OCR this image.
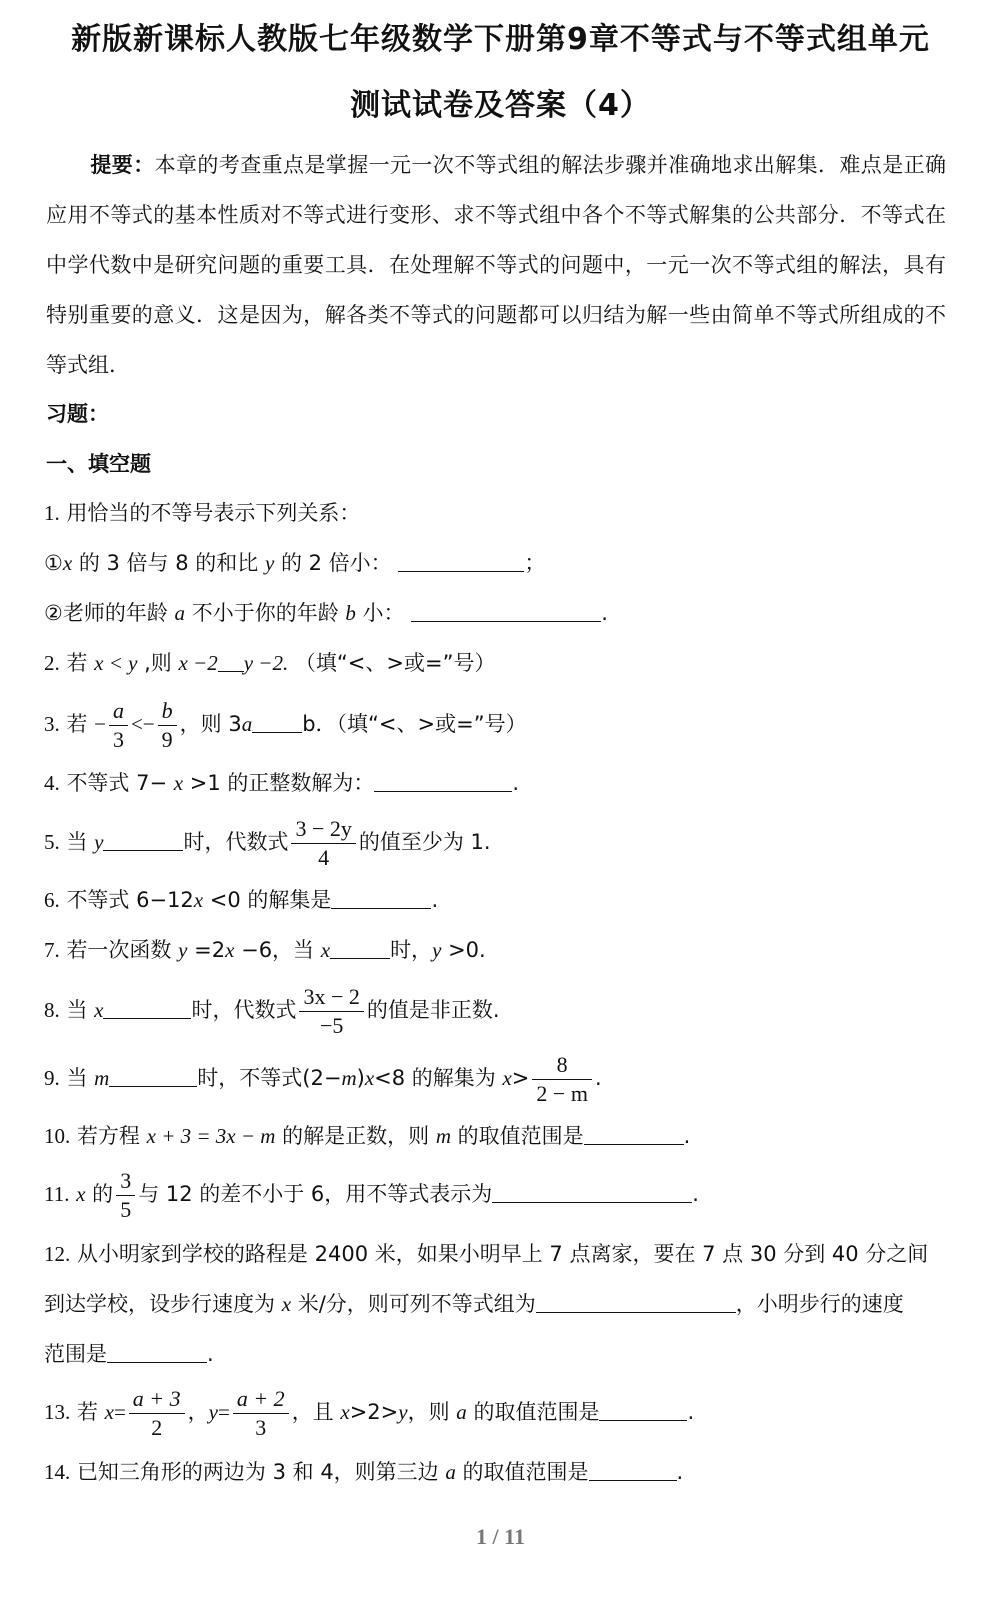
新版新课标人教版七年级数学下册第9章不等式与不等式组单元
测试试卷及答案（4）
提要：本章的考查重点是掌握一元一次不等式组的解法步骤并准确地求出解集．难点是正确应用不等式的基本性质对不等式进行变形、求不等式组中各个不等式解集的公共部分．不等式在中学代数中是研究问题的重要工具．在处理解不等式的问题中，一元一次不等式组的解法，具有特别重要的意义．这是因为，解各类不等式的问题都可以归结为解一些由简单不等式所组成的不等式组．
习题：
一、填空题
1. 用恰当的不等号表示下列关系：
①x 的 3 倍与 8 的和比 y 的 2 倍小：	；
②老师的年龄 a 不小于你的年龄 b 小：	.
2. 若 x < y ,则 x −2 y −2. （填“<、>或=”号）
3. 若 − $\frac{a}{3} <- \frac{b}{9}$ ，则 3a b．（填“<、>或=”号）
4. 不等式 7− x >1 的正整数解为：	.
5. 当 y	时，代数式 $\frac{3 - 2y}{4}$ 的值至少为 1.
6. 不等式 6−12x <0 的解集是	.
7. 若一次函数 y =2x −6，当 x	时，y >0.
8. 当 x	时，代数式 $\frac{3x - 2}{-5}$ 的值是非正数.
9. 当 m	时，不等式(2−m)x<8 的解集为 $x> \frac{8}{2 - m}$ .
10. 若方程 x + 3 = 3x − m 的解是正数，则 m 的取值范围是	.
11. x 的 $\frac{3}{5}$ 与 12 的差不小于 6，用不等式表示为	.
12. 从小明家到学校的路程是 2400 米，如果小明早上 7 点离家，要在 7 点 30 分到 40 分之间
到达学校，设步行速度为 x 米/分，则可列不等式组为	，小明步行的速度
范围是	.
13. 若 $x= \frac{a + 3}{2}$ ，$y= \frac{a + 2}{3}$ ，且 x>2>y，则 a 的取值范围是	.
14. 已知三角形的两边为 3 和 4，则第三边 a 的取值范围是	.
1 / 11
